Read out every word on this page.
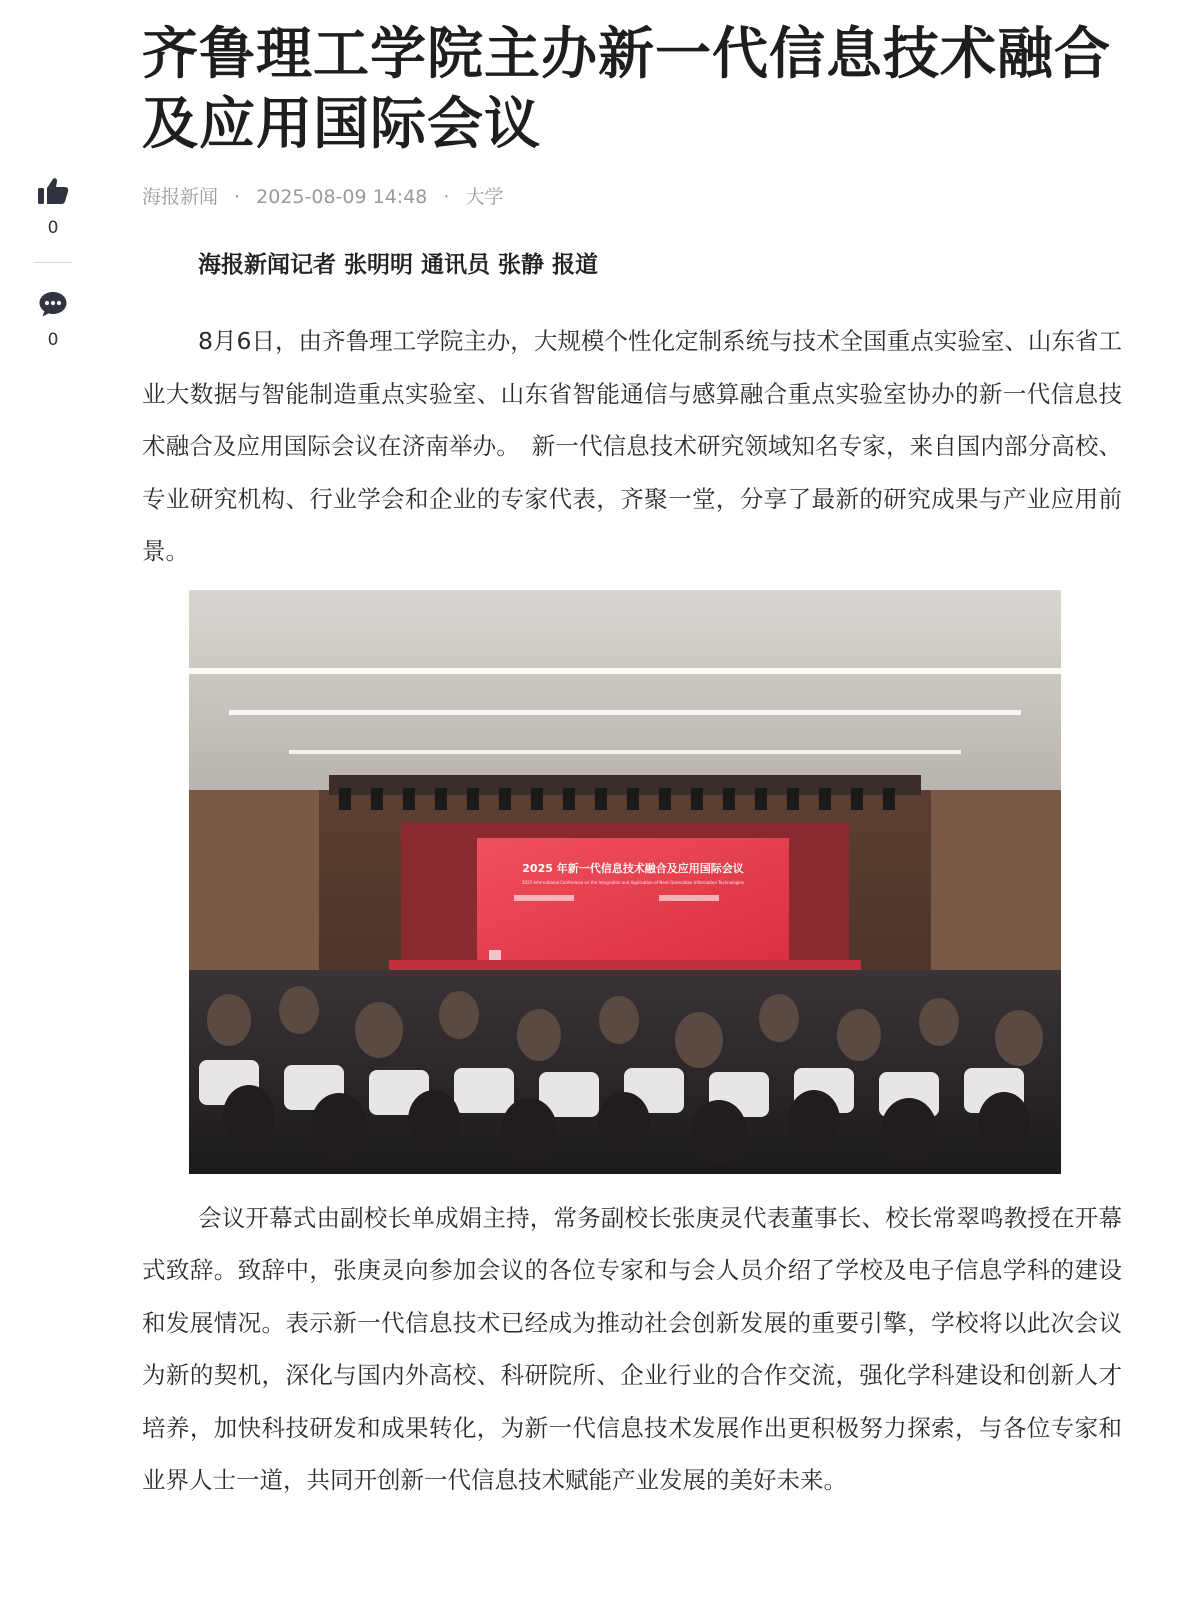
0
0
齐鲁理工学院主办新一代信息技术融合及应用国际会议
海报新闻 · 2025-08-09 14:48 · 大学

海报新闻记者 张明明 通讯员 张静 报道

8月6日，由齐鲁理工学院主办，大规模个性化定制系统与技术全国重点实验室、山东省工业大数据与智能制造重点实验室、山东省智能通信与感算融合重点实验室协办的新一代信息技术融合及应用国际会议在济南举办。　新一代信息技术研究领域知名专家，来自国内部分高校、专业研究机构、行业学会和企业的专家代表，齐聚一堂，分享了最新的研究成果与产业应用前景。

2025 年新一代信息技术融合及应用国际会议
2025 International Conference on the Integration and Application of Next-Generation Information Technologies

会议开幕式由副校长单成娟主持，常务副校长张庚灵代表董事长、校长常翠鸣教授在开幕式致辞。致辞中，张庚灵向参加会议的各位专家和与会人员介绍了学校及电子信息学科的建设和发展情况。表示新一代信息技术已经成为推动社会创新发展的重要引擎，学校将以此次会议为新的契机，深化与国内外高校、科研院所、企业行业的合作交流，强化学科建设和创新人才培养，加快科技研发和成果转化，为新一代信息技术发展作出更积极努力探索，与各位专家和业界人士一道，共同开创新一代信息技术赋能产业发展的美好未来。
